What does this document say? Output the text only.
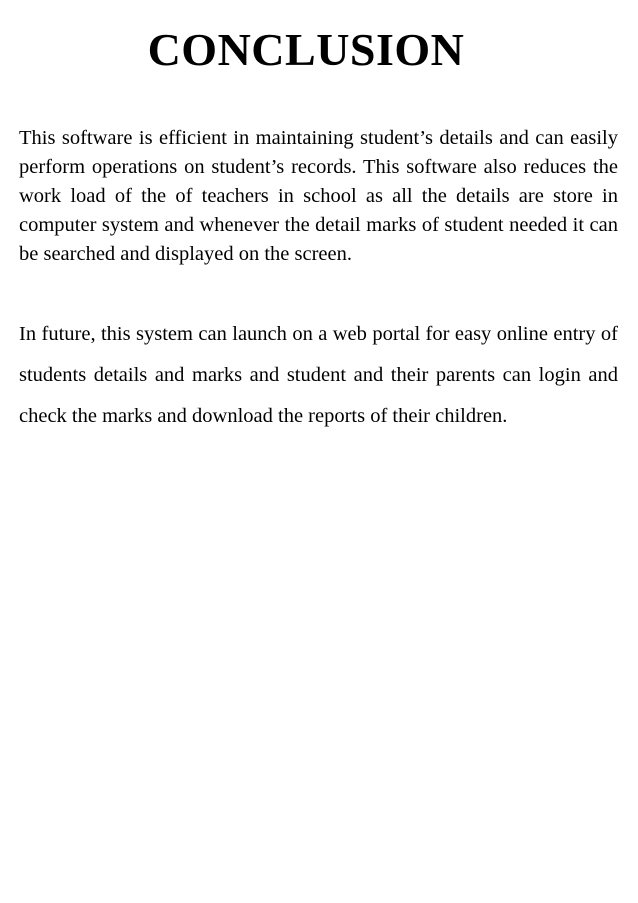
CONCLUSION

This software is efficient in maintaining student’s details and can easily perform operations on student’s records. This software also reduces the work load of the of teachers in school as all the details are store in computer system and whenever the detail marks of student needed it can be searched and displayed on the screen.

In future, this system can launch on a web portal for easy online entry of students details and marks and student and their parents can login and check the marks and download the reports of their children.
